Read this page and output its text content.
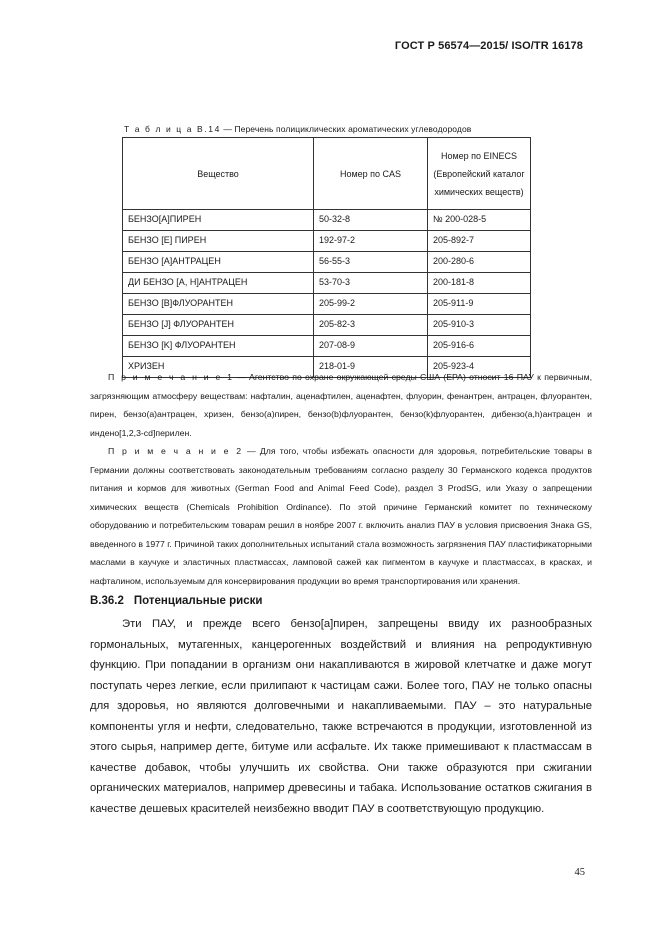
ГОСТ Р 56574—2015/ ISO/TR 16178
Т а б л и ц а В.14 — Перечень полициклических ароматических углеводородов
Вещество	Номер по CAS	Номер по EINECS (Европейский каталог химических веществ)
БЕНЗО[A]ПИРЕН	50-32-8	№ 200-028-5
БЕНЗО [E] ПИРЕН	192-97-2	205-892-7
БЕНЗО [A]АНТРАЦЕН	56-55-3	200-280-6
ДИ БЕНЗО [A, H]АНТРАЦЕН	53-70-3	200-181-8
БЕНЗО [B]ФЛУОРАНТЕН	205-99-2	205-911-9
БЕНЗО [J] ФЛУОРАНТЕН	205-82-3	205-910-3
БЕНЗО [K] ФЛУОРАНТЕН	207-08-9	205-916-6
ХРИЗЕН	218-01-9	205-923-4

П р и м е ч а н и е 1 — Агентство по охране окружающей среды США (EPA) относит 16 ПАУ к первичным, загрязняющим атмосферу веществам: нафталин, аценафтилен, аценафтен, флуорин, фенантрен, антрацен, флуорантен, пирен, бензо(a)антрацен, хризен, бензо(a)пирен, бензо(b)флуорантен, бензо(k)флуорантен, дибензо(a,h)антрацен и индено[1,2,3-cd]перилен.

П р и м е ч а н и е 2 — Для того, чтобы избежать опасности для здоровья, потребительские товары в Германии должны соответствовать законодательным требованиям согласно разделу 30 Германского кодекса продуктов питания и кормов для животных (German Food and Animal Feed Code), раздел 3 ProdSG, или Указу о запрещении химических веществ (Chemicals Prohibition Ordinance). По этой причине Германский комитет по техническому оборудованию и потребительским товарам решил в ноябре 2007 г. включить анализ ПАУ в условия присвоения Знака GS, введенного в 1977 г. Причиной таких дополнительных испытаний стала возможность загрязнения ПАУ пластификаторными маслами в каучуке и эластичных пластмассах, ламповой сажей как пигментом в каучуке и пластмассах, в красках, и нафталином, используемым для консервирования продукции во время транспортирования или хранения.

В.36.2 Потенциальные риски

Эти ПАУ, и прежде всего бензо[a]пирен, запрещены ввиду их разнообразных гормональных, мутагенных, канцерогенных воздействий и влияния на репродуктивную функцию. При попадании в организм они накапливаются в жировой клетчатке и даже могут поступать через легкие, если прилипают к частицам сажи. Более того, ПАУ не только опасны для здоровья, но являются долговечными и накапливаемыми. ПАУ – это натуральные компоненты угля и нефти, следовательно, также встречаются в продукции, изготовленной из этого сырья, например дегте, битуме или асфальте. Их также примешивают к пластмассам в качестве добавок, чтобы улучшить их свойства. Они также образуются при сжигании органических материалов, например древесины и табака. Использование остатков сжигания в качестве дешевых красителей неизбежно вводит ПАУ в соответствующую продукцию.

45
